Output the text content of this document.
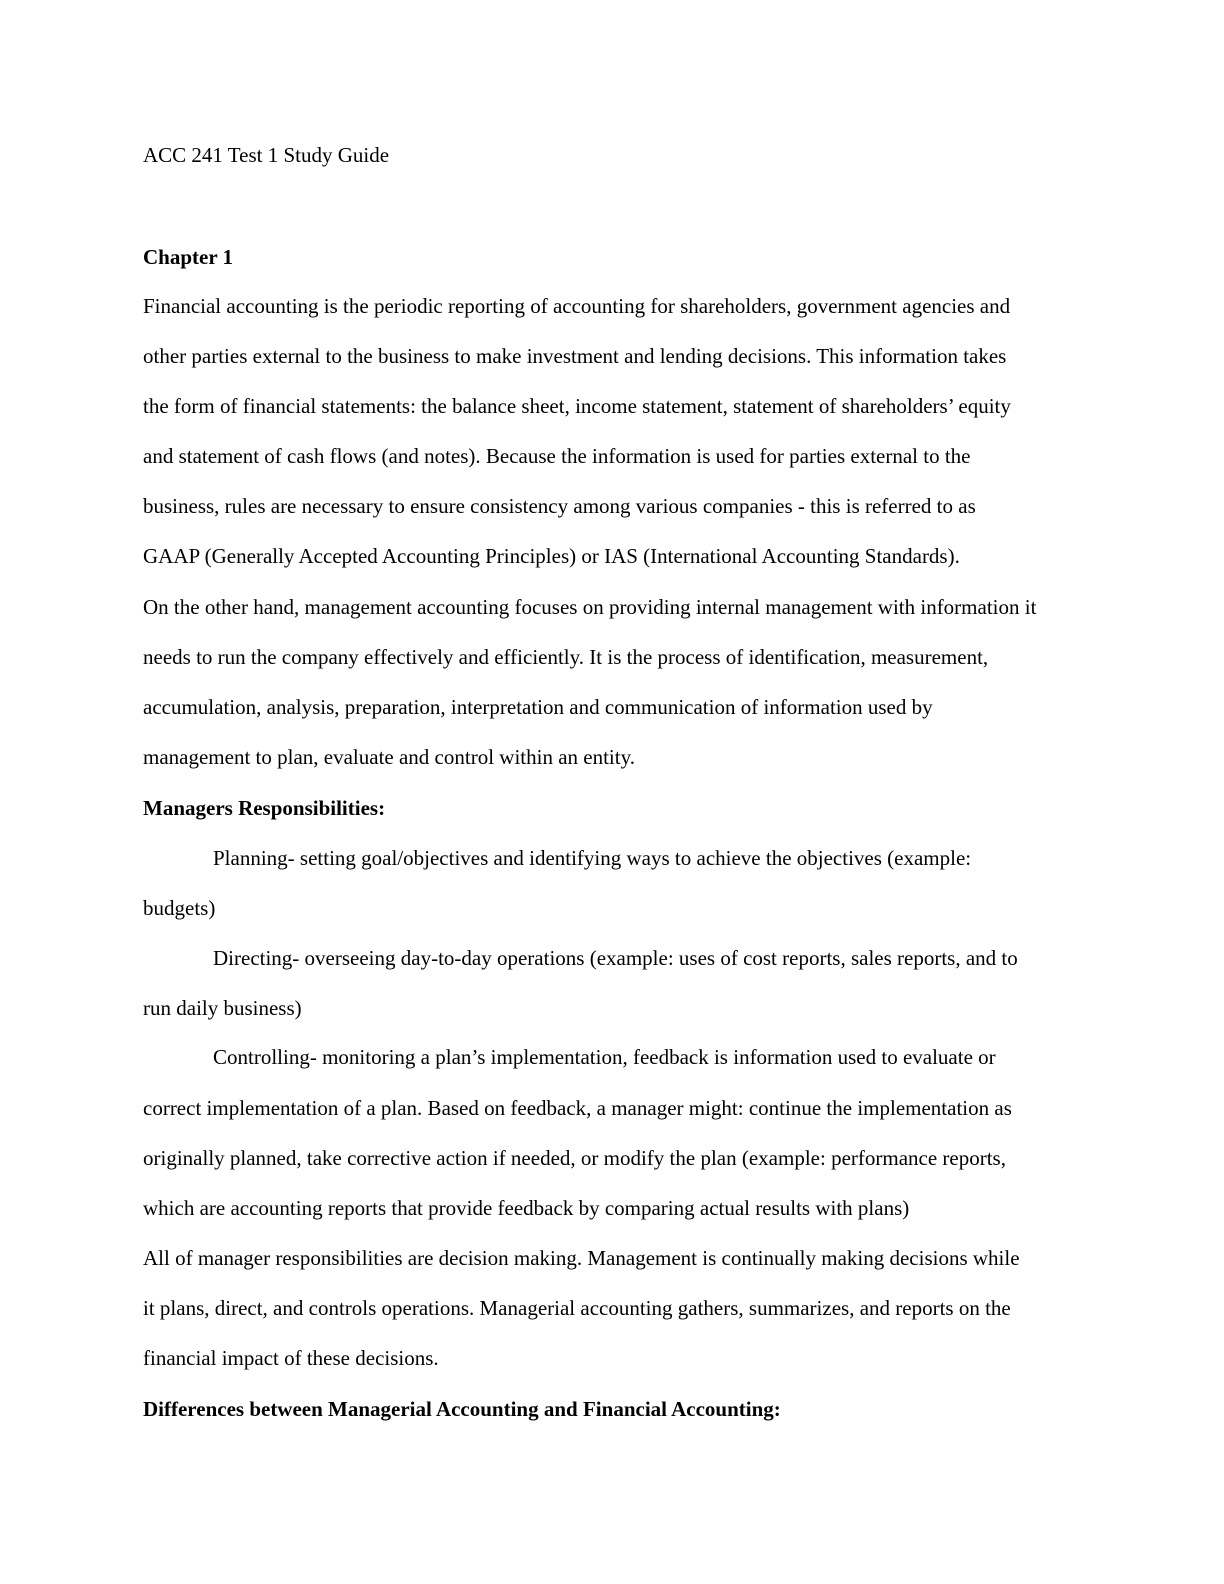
ACC 241 Test 1 Study Guide
Chapter 1
Financial accounting is the periodic reporting of accounting for shareholders, government agencies and
other parties external to the business to make investment and lending decisions. This information takes
the form of financial statements: the balance sheet, income statement, statement of shareholders’ equity
and statement of cash flows (and notes). Because the information is used for parties external to the
business, rules are necessary to ensure consistency among various companies - this is referred to as
GAAP (Generally Accepted Accounting Principles) or IAS (International Accounting Standards).
On the other hand, management accounting focuses on providing internal management with information it
needs to run the company effectively and efficiently. It is the process of identification, measurement,
accumulation, analysis, preparation, interpretation and communication of information used by
management to plan, evaluate and control within an entity.
Managers Responsibilities:
Planning- setting goal/objectives and identifying ways to achieve the objectives (example:
budgets)
Directing- overseeing day-to-day operations (example: uses of cost reports, sales reports, and to
run daily business)
Controlling- monitoring a plan’s implementation, feedback is information used to evaluate or
correct implementation of a plan. Based on feedback, a manager might: continue the implementation as
originally planned, take corrective action if needed, or modify the plan (example: performance reports,
which are accounting reports that provide feedback by comparing actual results with plans)
All of manager responsibilities are decision making. Management is continually making decisions while
it plans, direct, and controls operations. Managerial accounting gathers, summarizes, and reports on the
financial impact of these decisions.
Differences between Managerial Accounting and Financial Accounting:
